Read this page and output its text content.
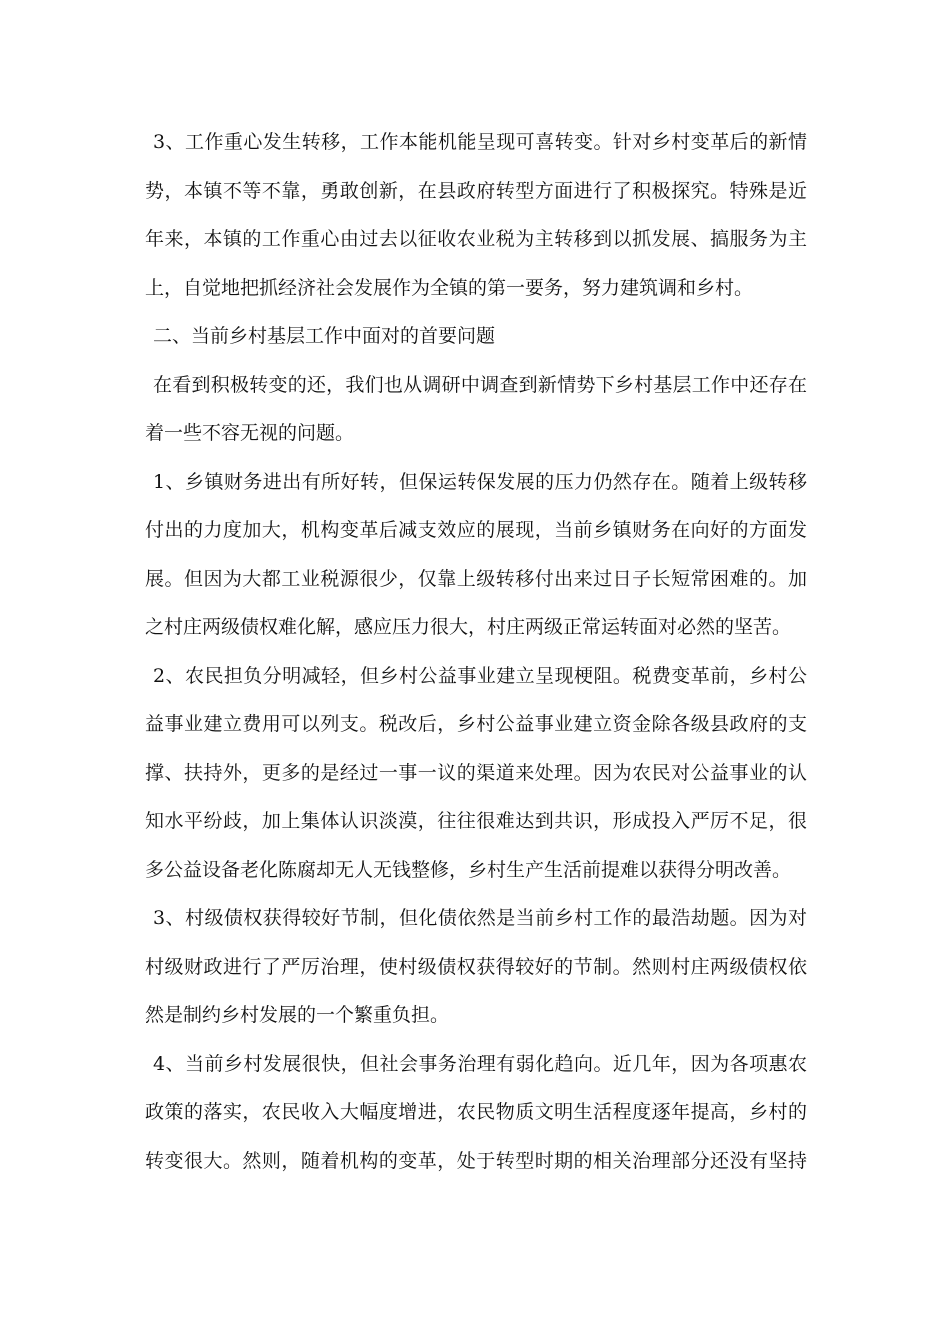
3、工作重心发生转移，工作本能机能呈现可喜转变。针对乡村变革后的新情
势，本镇不等不靠，勇敢创新，在县政府转型方面进行了积极探究。特殊是近
年来，本镇的工作重心由过去以征收农业税为主转移到以抓发展、搞服务为主
上，自觉地把抓经济社会发展作为全镇的第一要务，努力建筑调和乡村。
二、当前乡村基层工作中面对的首要问题
在看到积极转变的还，我们也从调研中调查到新情势下乡村基层工作中还存在
着一些不容无视的问题。
1、乡镇财务进出有所好转，但保运转保发展的压力仍然存在。随着上级转移
付出的力度加大，机构变革后减支效应的展现，当前乡镇财务在向好的方面发
展。但因为大都工业税源很少，仅靠上级转移付出来过日子长短常困难的。加
之村庄两级债权难化解，感应压力很大，村庄两级正常运转面对必然的坚苦。
2、农民担负分明减轻，但乡村公益事业建立呈现梗阻。税费变革前，乡村公
益事业建立费用可以列支。税改后，乡村公益事业建立资金除各级县政府的支
撑、扶持外，更多的是经过一事一议的渠道来处理。因为农民对公益事业的认
知水平纷歧，加上集体认识淡漠，往往很难达到共识，形成投入严厉不足，很
多公益设备老化陈腐却无人无钱整修，乡村生产生活前提难以获得分明改善。
3、村级债权获得较好节制，但化债依然是当前乡村工作的最浩劫题。因为对
村级财政进行了严厉治理，使村级债权获得较好的节制。然则村庄两级债权依
然是制约乡村发展的一个繁重负担。
4、当前乡村发展很快，但社会事务治理有弱化趋向。近几年，因为各项惠农
政策的落实，农民收入大幅度增进，农民物质文明生活程度逐年提高，乡村的
转变很大。然则，随着机构的变革，处于转型时期的相关治理部分还没有坚持
